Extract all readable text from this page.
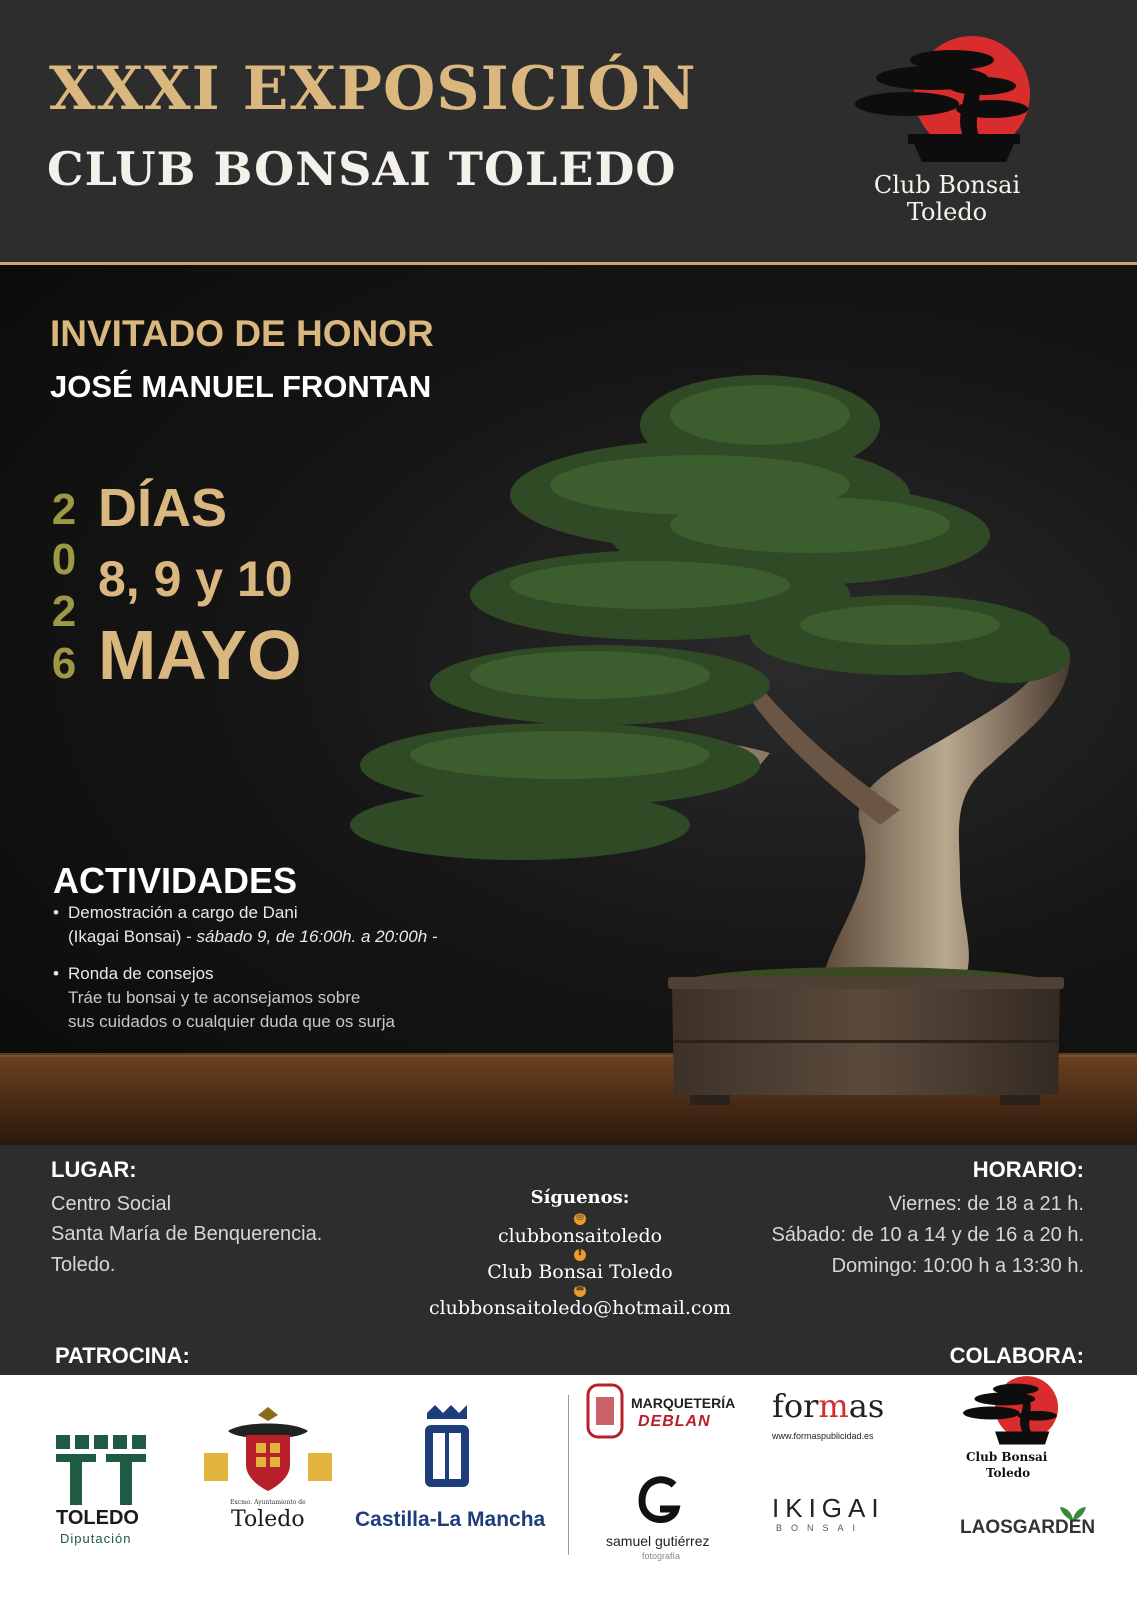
XXXI EXPOSICIÓN
CLUB BONSAI TOLEDO	Club Bonsai
Toledo
INVITADO DE HONOR
JOSÉ MANUEL FRONTAN
2
0
2
6
DÍAS
8, 9 y 10
MAYO
ACTIVIDADES
• Demostración a cargo de Dani
(Ikagai Bonsai) - sábado 9, de 16:00h. a 20:00h -
• Ronda de consejos
Tráe tu bonsai y te aconsejamos sobre
sus cuidados o cualquier duda que os surja
LUGAR:
Centro Social
Santa María de Benquerencia.
Toledo.
Síguenos:
◎
clubbonsaitoledo
f
Club Bonsai Toledo
✉
clubbonsaitoledo@hotmail.com
HORARIO:
Viernes: de 18 a 21 h.
Sábado: de 10 a 14 y de 16 a 20 h.
Domingo: 10:00 h a 13:30 h.
PATROCINA:	COLABORA:
TOLEDO
Diputación
Excmo. Ayuntamiento de
Toledo Castilla-La Mancha
MARQUETERÍA
DEBLAN
samuel gutiérrez
fotografía
formas
www.formaspublicidad.es
IKIGAI
BONSAI
Club Bonsai
Toledo
LAOSGARDEN
